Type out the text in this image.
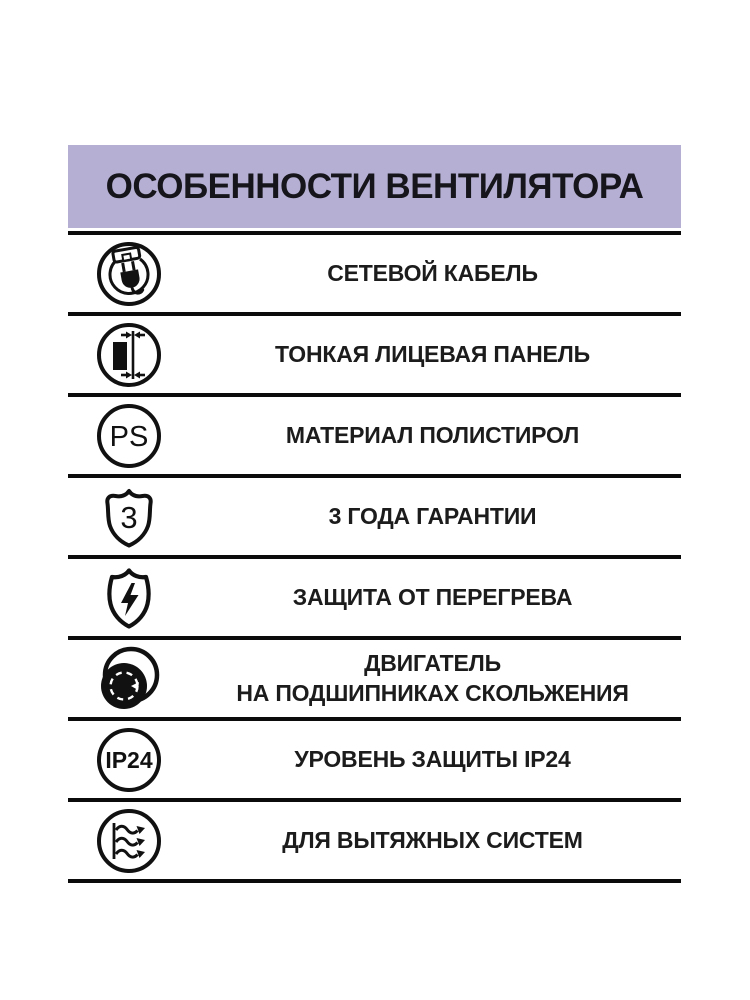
ОСОБЕННОСТИ ВЕНТИЛЯТОРА
СЕТЕВОЙ КАБЕЛЬ
ТОНКАЯ ЛИЦЕВАЯ ПАНЕЛЬ
PS	МАТЕРИАЛ ПОЛИСТИРОЛ
3	3 ГОДА ГАРАНТИИ
ЗАЩИТА ОТ ПЕРЕГРЕВА
ДВИГАТЕЛЬ
НА ПОДШИПНИКАХ СКОЛЬЖЕНИЯ
IP24	УРОВЕНЬ ЗАЩИТЫ IP24
ДЛЯ ВЫТЯЖНЫХ СИСТЕМ
